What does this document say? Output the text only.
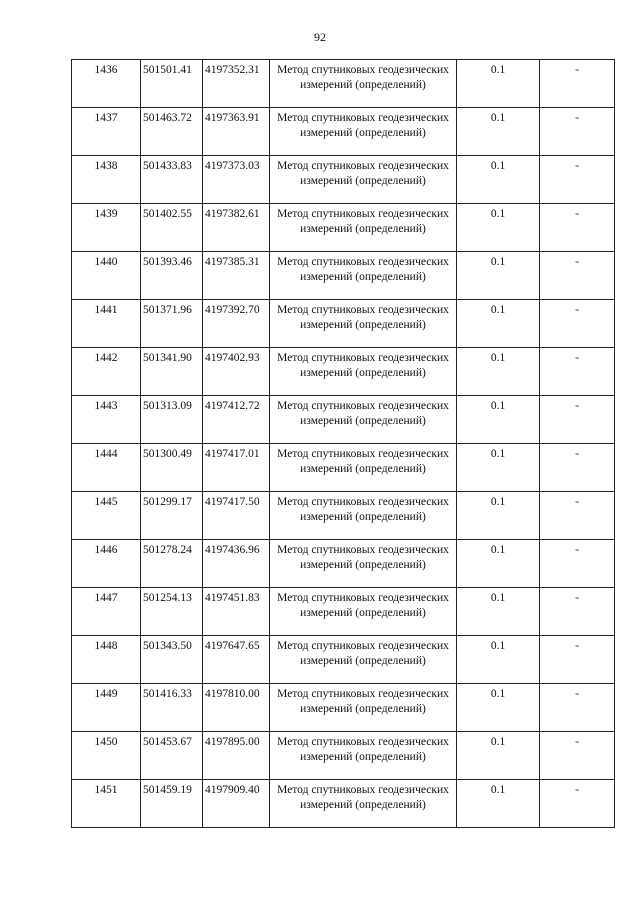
92
1436	501501.41	4197352.31	Метод спутниковых геодезических измерений (определений)	0.1	-
1437	501463.72	4197363.91	Метод спутниковых геодезических измерений (определений)	0.1	-
1438	501433.83	4197373.03	Метод спутниковых геодезических измерений (определений)	0.1	-
1439	501402.55	4197382.61	Метод спутниковых геодезических измерений (определений)	0.1	-
1440	501393.46	4197385.31	Метод спутниковых геодезических измерений (определений)	0.1	-
1441	501371.96	4197392.70	Метод спутниковых геодезических измерений (определений)	0.1	-
1442	501341.90	4197402.93	Метод спутниковых геодезических измерений (определений)	0.1	-
1443	501313.09	4197412.72	Метод спутниковых геодезических измерений (определений)	0.1	-
1444	501300.49	4197417.01	Метод спутниковых геодезических измерений (определений)	0.1	-
1445	501299.17	4197417.50	Метод спутниковых геодезических измерений (определений)	0.1	-
1446	501278.24	4197436.96	Метод спутниковых геодезических измерений (определений)	0.1	-
1447	501254.13	4197451.83	Метод спутниковых геодезических измерений (определений)	0.1	-
1448	501343.50	4197647.65	Метод спутниковых геодезических измерений (определений)	0.1	-
1449	501416.33	4197810.00	Метод спутниковых геодезических измерений (определений)	0.1	-
1450	501453.67	4197895.00	Метод спутниковых геодезических измерений (определений)	0.1	-
1451	501459.19	4197909.40	Метод спутниковых геодезических измерений (определений)	0.1	-
